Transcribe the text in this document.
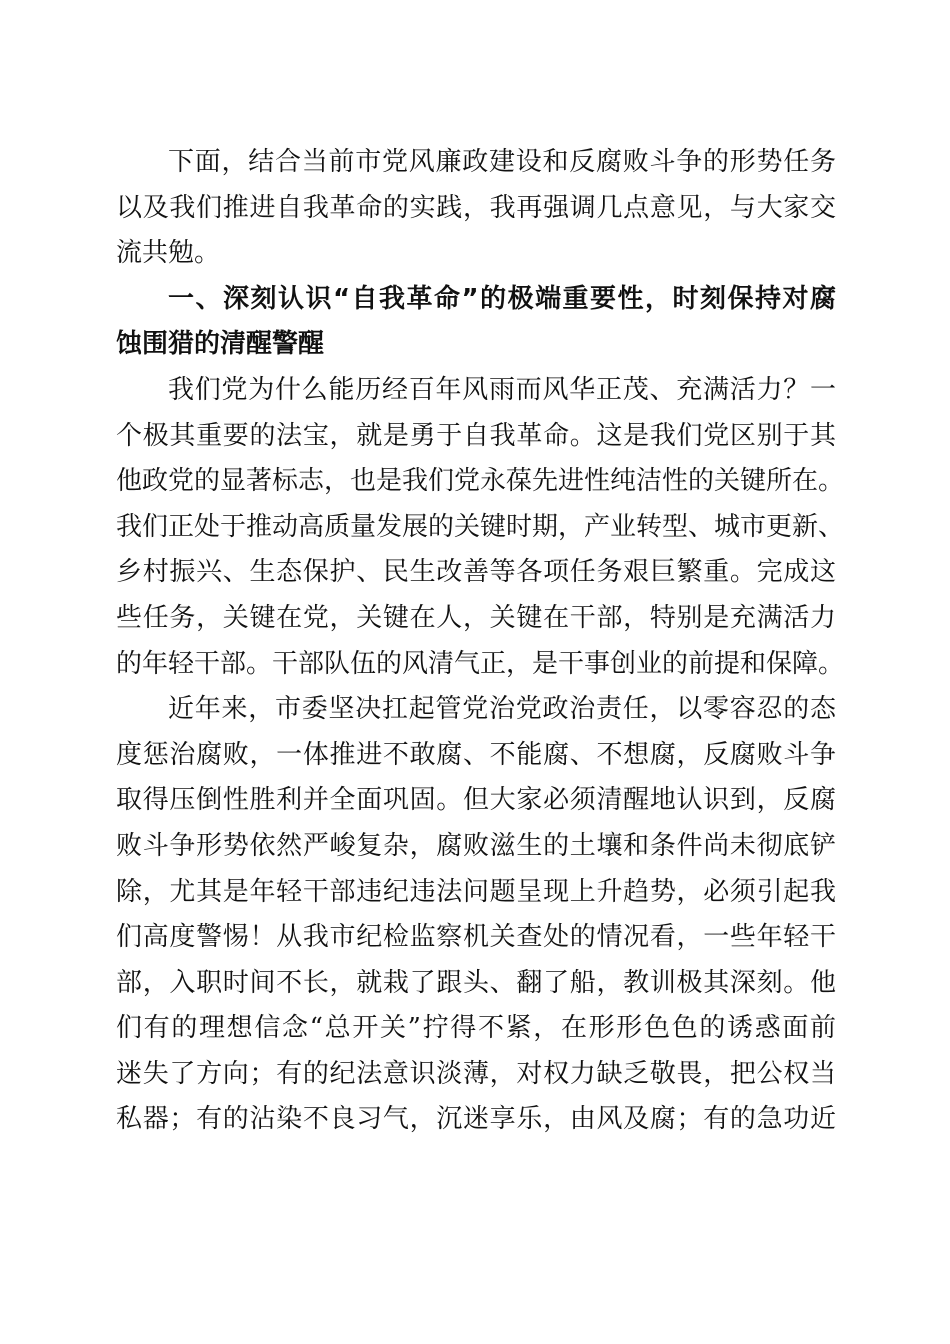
下面，结合当前市党风廉政建设和反腐败斗争的形势任务
以及我们推进自我革命的实践，我再强调几点意见，与大家交
流共勉。
一、深刻认识“自我革命”的极端重要性，时刻保持对腐
蚀围猎的清醒警醒
我们党为什么能历经百年风雨而风华正茂、充满活力？一
个极其重要的法宝，就是勇于自我革命。这是我们党区别于其
他政党的显著标志，也是我们党永葆先进性纯洁性的关键所在。
我们正处于推动高质量发展的关键时期，产业转型、城市更新、
乡村振兴、生态保护、民生改善等各项任务艰巨繁重。完成这
些任务，关键在党，关键在人，关键在干部，特别是充满活力
的年轻干部。干部队伍的风清气正，是干事创业的前提和保障。
近年来，市委坚决扛起管党治党政治责任，以零容忍的态
度惩治腐败，一体推进不敢腐、不能腐、不想腐，反腐败斗争
取得压倒性胜利并全面巩固。但大家必须清醒地认识到，反腐
败斗争形势依然严峻复杂，腐败滋生的土壤和条件尚未彻底铲
除，尤其是年轻干部违纪违法问题呈现上升趋势，必须引起我
们高度警惕！从我市纪检监察机关查处的情况看，一些年轻干
部，入职时间不长，就栽了跟头、翻了船，教训极其深刻。他
们有的理想信念“总开关”拧得不紧，在形形色色的诱惑面前
迷失了方向；有的纪法意识淡薄，对权力缺乏敬畏，把公权当
私器；有的沾染不良习气，沉迷享乐，由风及腐；有的急功近
